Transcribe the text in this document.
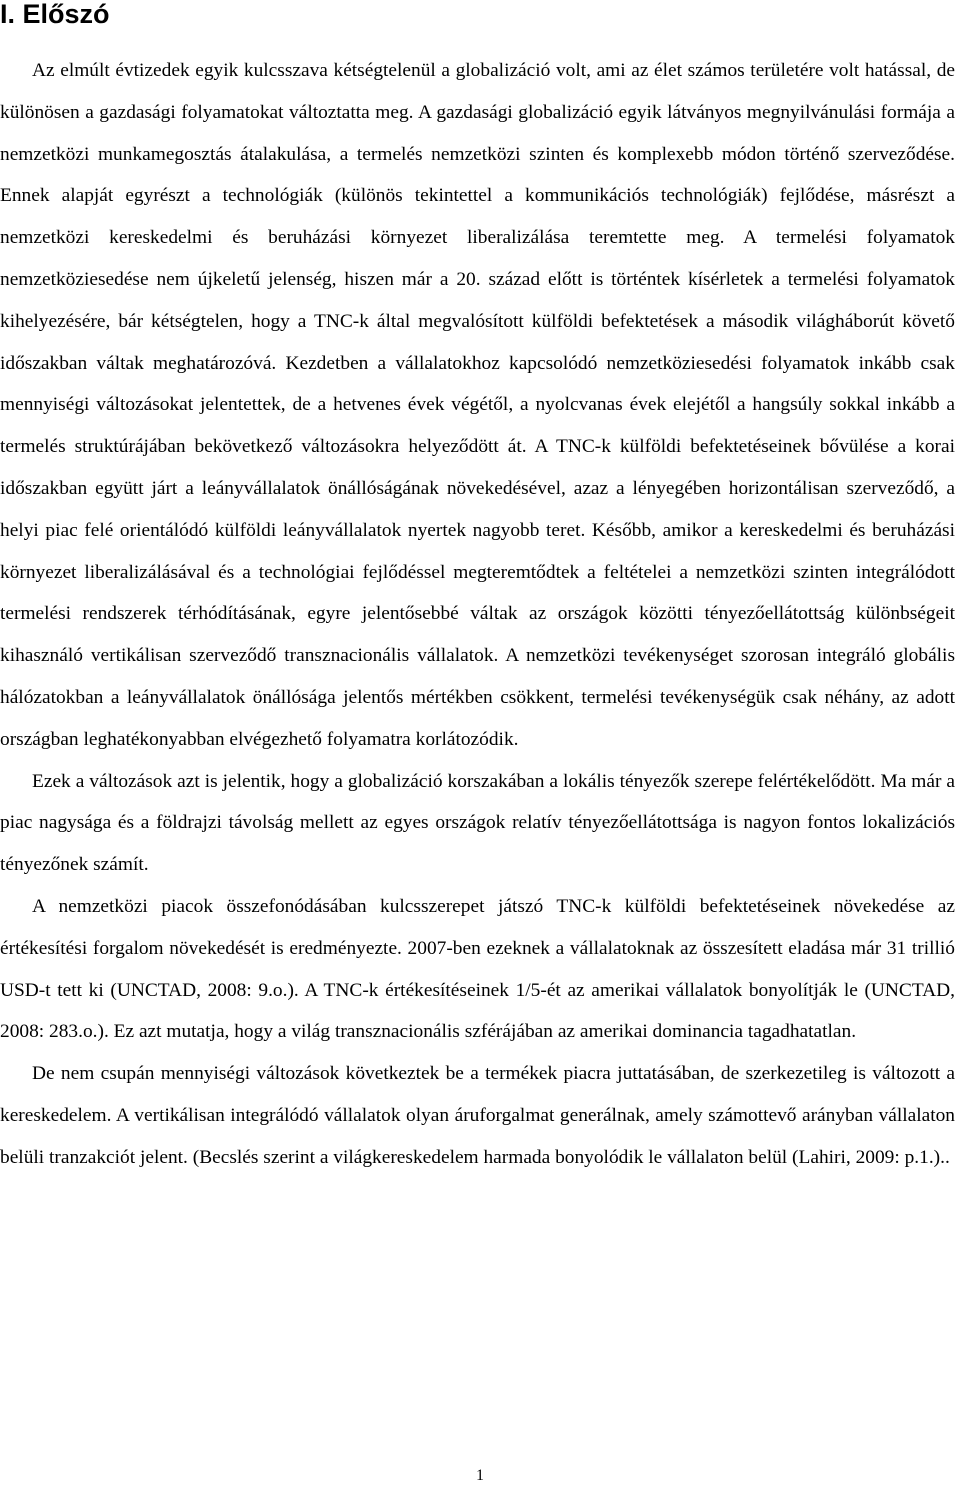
I. Előszó

Az elmúlt évtizedek egyik kulcsszava kétségtelenül a globalizáció volt, ami az élet számos területére volt hatással, de különösen a gazdasági folyamatokat változtatta meg. A gazdasági globalizáció egyik látványos megnyilvánulási formája a nemzetközi munkamegosztás átalakulása, a termelés nemzetközi szinten és komplexebb módon történő szerveződése. Ennek alapját egyrészt a technológiák (különös tekintettel a kommunikációs technológiák) fejlődése, másrészt a nemzetközi kereskedelmi és beruházási környezet liberalizálása teremtette meg. A termelési folyamatok nemzetköziesedése nem újkeletű jelenség, hiszen már a 20. század előtt is történtek kísérletek a termelési folyamatok kihelyezésére, bár kétségtelen, hogy a TNC-k által megvalósított külföldi befektetések a második világháborút követő időszakban váltak meghatározóvá. Kezdetben a vállalatokhoz kapcsolódó nemzetköziesedési folyamatok inkább csak mennyiségi változásokat jelentettek, de a hetvenes évek végétől, a nyolcvanas évek elejétől a hangsúly sokkal inkább a termelés struktúrájában bekövetkező változásokra helyeződött át. A TNC-k külföldi befektetéseinek bővülése a korai időszakban együtt járt a leányvállalatok önállóságának növekedésével, azaz a lényegében horizontálisan szerveződő, a helyi piac felé orientálódó külföldi leányvállalatok nyertek nagyobb teret. Később, amikor a kereskedelmi és beruházási környezet liberalizálásával és a technológiai fejlődéssel megteremtődtek a feltételei a nemzetközi szinten integrálódott termelési rendszerek térhódításának, egyre jelentősebbé váltak az országok közötti tényezőellátottság különbségeit kihasználó vertikálisan szerveződő transznacionális vállalatok. A nemzetközi tevékenységet szorosan integráló globális hálózatokban a leányvállalatok önállósága jelentős mértékben csökkent, termelési tevékenységük csak néhány, az adott országban leghatékonyabban elvégezhető folyamatra korlátozódik.

Ezek a változások azt is jelentik, hogy a globalizáció korszakában a lokális tényezők szerepe felértékelődött. Ma már a piac nagysága és a földrajzi távolság mellett az egyes országok relatív tényezőellátottsága is nagyon fontos lokalizációs tényezőnek számít.

A nemzetközi piacok összefonódásában kulcsszerepet játszó TNC-k külföldi befektetéseinek növekedése az értékesítési forgalom növekedését is eredményezte. 2007-ben ezeknek a vállalatoknak az összesített eladása már 31 trillió USD-t tett ki (UNCTAD, 2008: 9.o.). A TNC-k értékesítéseinek 1/5-ét az amerikai vállalatok bonyolítják le (UNCTAD, 2008: 283.o.). Ez azt mutatja, hogy a világ transznacionális szférájában az amerikai dominancia tagadhatatlan.

De nem csupán mennyiségi változások következtek be a termékek piacra juttatásában, de szerkezetileg is változott a kereskedelem. A vertikálisan integrálódó vállalatok olyan áruforgalmat generálnak, amely számottevő arányban vállalaton belüli tranzakciót jelent. (Becslés szerint a világkereskedelem harmada bonyolódik le vállalaton belül (Lahiri, 2009: p.1.)..

1
